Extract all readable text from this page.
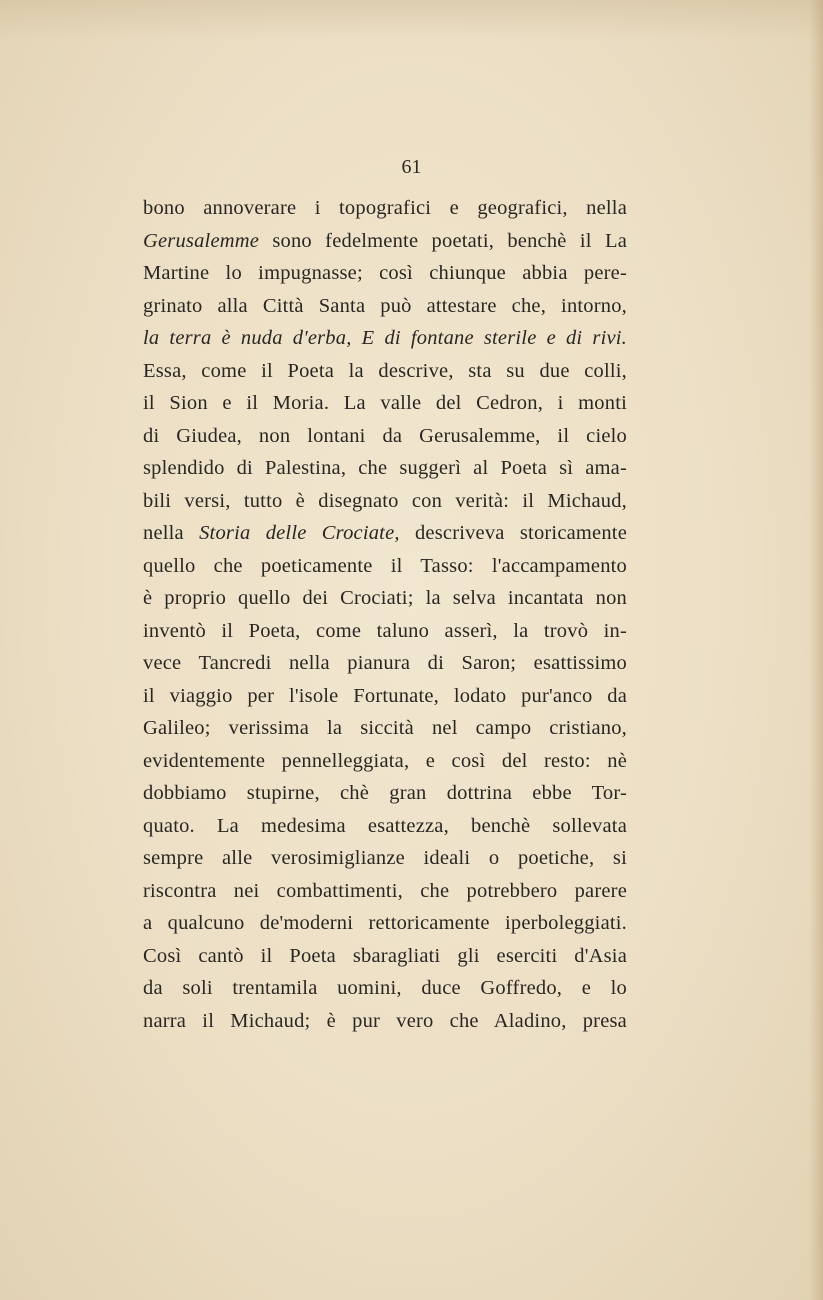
61
bono annoverare i topografici e geografici, nella
Gerusalemme sono fedelmente poetati, benchè il La
Martine lo impugnasse; così chiunque abbia pere-
grinato alla Città Santa può attestare che, intorno,
la terra è nuda d'erba, E di fontane sterile e di rivi.
Essa, come il Poeta la descrive, sta su due colli,
il Sion e il Moria. La valle del Cedron, i monti
di Giudea, non lontani da Gerusalemme, il cielo
splendido di Palestina, che suggerì al Poeta sì ama-
bili versi, tutto è disegnato con verità: il Michaud,
nella Storia delle Crociate, descriveva storicamente
quello che poeticamente il Tasso: l'accampamento
è proprio quello dei Crociati; la selva incantata non
inventò il Poeta, come taluno asserì, la trovò in-
vece Tancredi nella pianura di Saron; esattissimo
il viaggio per l'isole Fortunate, lodato pur'anco da
Galileo; verissima la siccità nel campo cristiano,
evidentemente pennelleggiata, e così del resto: nè
dobbiamo stupirne, chè gran dottrina ebbe Tor-
quato. La medesima esattezza, benchè sollevata
sempre alle verosimiglianze ideali o poetiche, si
riscontra nei combattimenti, che potrebbero parere
a qualcuno de'moderni rettoricamente iperboleggiati.
Così cantò il Poeta sbaragliati gli eserciti d'Asia
da soli trentamila uomini, duce Goffredo, e lo
narra il Michaud; è pur vero che Aladino, presa
